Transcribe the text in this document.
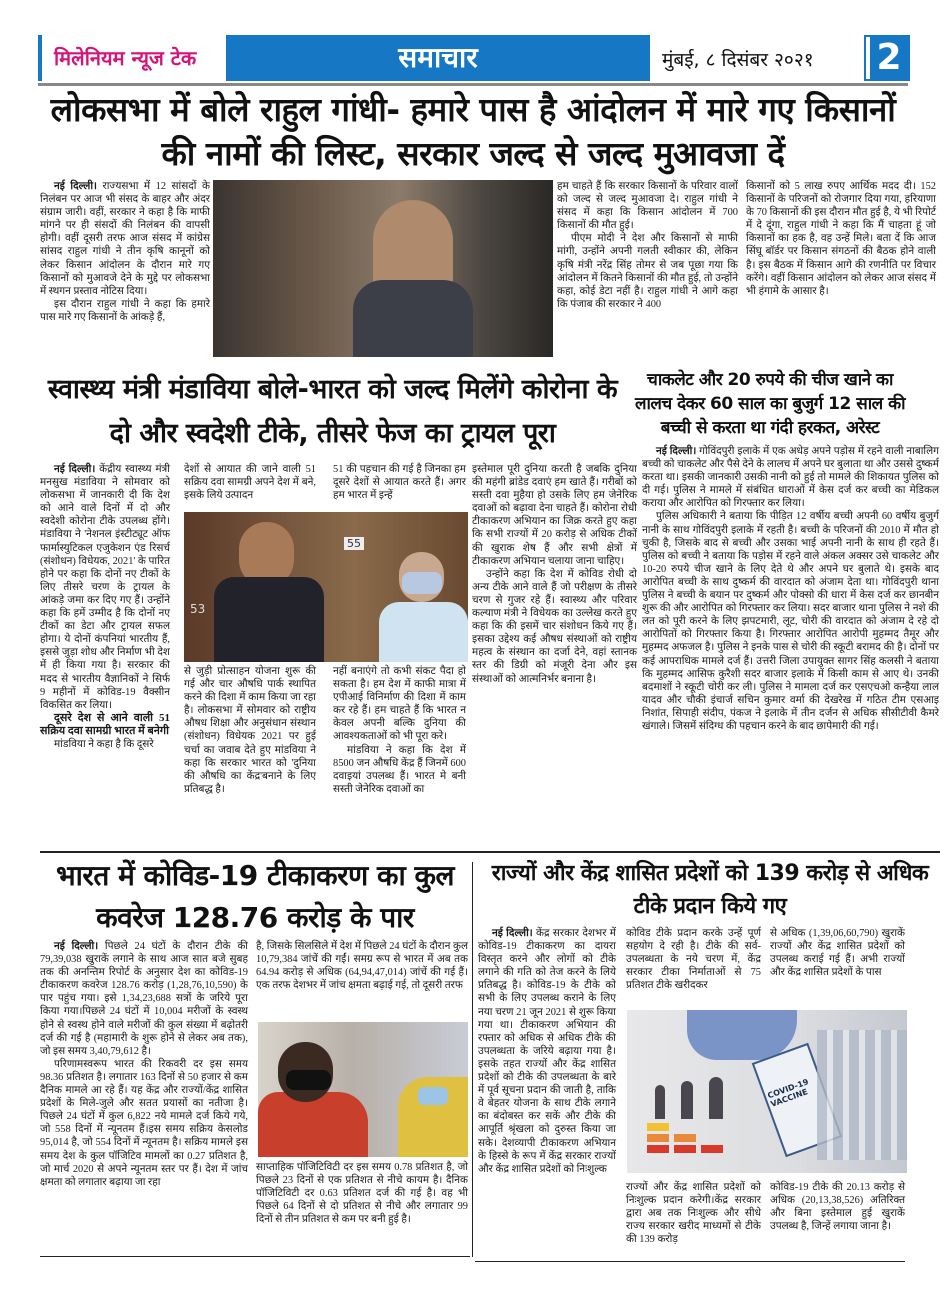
मिलेनियम न्यूज टेक	समाचार	मुंबई, ८ दिसंबर २०२१ 2
लोकसभा में बोले राहुल गांधी- हमारे पास है आंदोलन में मारे गए किसानों की नामों की लिस्ट, सरकार जल्द से जल्द मुआवजा दें

नई दिल्ली। राज्यसभा में 12 सांसदों के निलंबन पर आज भी संसद के बाहर और अंदर संग्राम जारी। वहीं, सरकार ने कहा है कि माफी मांगने पर ही संसदों की निलंबन की वापसी होगी। वहीं दूसरी तरफ आज संसद में कांग्रेस सांसद राहुल गांधी ने तीन कृषि कानूनों को लेकर किसान आंदोलन के दौरान मारे गए किसानों को मुआवजे देने के मुद्दे पर लोकसभा में स्थगन प्रस्ताव नोटिस दिया।

इस दौरान राहुल गांधी ने कहा कि हमारे पास मारे गए किसानों के आंकड़े हैं,

हम चाहते हैं कि सरकार किसानों के परिवार वालों को जल्द से जल्द मुआवजा दे। राहुल गांधी ने संसद में कहा कि किसान आंदोलन में 700 किसानों की मौत हुई।

पीएम मोदी ने देश और किसानों से माफी मांगी, उन्होंने अपनी गलती स्वीकार की, लेकिन कृषि मंत्री नरेंद्र सिंह तोमर से जब पूछा गया कि आंदोलन में कितने किसानों की मौत हुई, तो उन्होंने कहा, कोई डेटा नहीं है। राहुल गांधी ने आगे कहा कि पंजाब की सरकार ने 400

किसानों को 5 लाख रुपए आर्थिक मदद दी। 152 किसानों के परिजनों को रोजगार दिया गया, हरियाणा के 70 किसानों की इस दौरान मौत हुई है, ये भी रिपोर्ट में दे दूंगा, राहुल गांधी ने कहा कि मैं चाहता हूं जो किसानों का हक है, वह उन्हें मिले। बता दें कि आज सिंघू बॉर्डर पर किसान संगठनों की बैठक होने वाली है। इस बैठक में किसान आगे की रणनीति पर विचार करेंगे। वहीं किसान आंदोलन को लेकर आज संसद में भी हंगामे के आसार है।

स्वास्थ्य मंत्री मंडाविया बोले-भारत को जल्द मिलेंगे कोरोना के दो और स्वदेशी टीके, तीसरे फेज का ट्रायल पूरा

नई दिल्ली। केंद्रीय स्वास्थ्य मंत्री मनसुख मंडाविया ने सोमवार को लोकसभा में जानकारी दी कि देश को आने वाले दिनों में दो और स्वदेशी कोरोना टीके उपलब्ध होंगे। मंडाविया ने 'नेशनल इंस्टीट्यूट ऑफ फार्मास्युटिकल एजुकेशन एंड रिसर्च (संशोधन) विधेयक, 2021' के पारित होने पर कहा कि दोनों नए टीकों के लिए तीसरे चरण के ट्रायल के आंकड़े जमा कर दिए गए हैं। उन्होंने कहा कि हमें उम्मीद है कि दोनों नए टीकों का डेटा और ट्रायल सफल होगा। ये दोनों कंपनियां भारतीय हैं, इससे जुड़ा शोध और निर्माण भी देश में ही किया गया है। सरकार की मदद से भारतीय वैज्ञानिकों ने सिर्फ 9 महीनों में कोविड-19 वैक्सीन विकसित कर लिया।

दूसरे देश से आने वाली 51 सक्रिय दवा सामग्री भारत में बनेगी

मांडविया ने कहा है कि दूसरे

देशों से आयात की जाने वाली 51 सक्रिय दवा सामग्री अपने देश में बने, इसके लिये उत्पादन

51 की पहचान की गई है जिनका हम दूसरे देशों से आयात करते हैं। अगर हम भारत में इन्हें

53
55

से जुड़ी प्रोत्साहन योजना शुरू की गई और चार औषधि पार्क स्थापित करने की दिशा में काम किया जा रहा है। लोकसभा में सोमवार को राष्ट्रीय औषध शिक्षा और अनुसंधान संस्थान (संशोधन) विधेयक 2021 पर हुई चर्चा का जवाब देते हुए मांडविया ने कहा कि सरकार भारत को 'दुनिया की औषधि का केंद्र'बनाने के लिए प्रतिबद्ध है।

नहीं बनाएंगे तो कभी संकट पैदा हो सकता है। हम देश में काफी मात्रा में एपीआई विनिर्माण की दिशा में काम कर रहे हैं। हम चाहते हैं कि भारत न केवल अपनी बल्कि दुनिया की आवश्यकताओं को भी पूरा करे।

मांडविया ने कहा कि देश में 8500 जन औषधि केंद्र हैं जिनमें 600 दवाइयां उपलब्ध हैं। भारत मे बनी सस्ती जेनेरिक दवाओं का

इस्तेमाल पूरी दुनिया करती है जबकि दुनिया की महंगी ब्रांडेड दवाएं हम खाते हैं। गरीबों को सस्ती दवा मुहैया हो उसके लिए हम जेनेरिक दवाओं को बढ़ावा देना चाहते हैं। कोरोना रोधी टीकाकरण अभियान का जिक्र करते हुए कहा कि सभी राज्यों में 20 करोड़ से अधिक टीकों की खुराक शेष हैं और सभी क्षेत्रों में टीकाकरण अभियान चलाया जाना चाहिए।

उन्होंने कहा कि देश में कोविड रोधी दो अन्य टीके आने वाले हैं जो परीक्षण के तीसरे चरण से गुजर रहे हैं। स्वास्थ्य और परिवार कल्याण मंत्री ने विधेयक का उल्लेख करते हुए कहा कि की इसमें चार संशोधन किये गए हैं। इसका उद्देश्य कई औषध संस्थाओं को राष्ट्रीय महत्व के संस्थान का दर्जा देने, वहां स्तानक स्तर की डिग्री को मंजूरी देना और इस संस्थाओं को आत्मनिर्भर बनाना है।

चाकलेट और 20 रुपये की चीज खाने का लालच देकर 60 साल का बुजुर्ग 12 साल की बच्ची से करता था गंदी हरकत, अरेस्ट

नई दिल्ली। गोविंदपुरी इलाके में एक अधेड़ अपने पड़ोस में रहने वाली नाबालिग बच्ची को चाकलेट और पैसे देने के लालच में अपने घर बुलाता था और उससे दुष्कर्म करता था। इसकी जानकारी उसकी नानी को हुई तो मामले की शिकायत पुलिस को दी गई। पुलिस ने मामले में संबंधित धाराओं में केस दर्ज कर बच्ची का मेडिकल कराया और आरोपित को गिरफ्तार कर लिया।

पुलिस अधिकारी ने बताया कि पीड़ित 12 वर्षीय बच्ची अपनी 60 वर्षीय बुजुर्ग नानी के साथ गोविंदपुरी इलाके में रहती है। बच्ची के परिजनों की 2010 में मौत हो चुकी है, जिसके बाद से बच्ची और उसका भाई अपनी नानी के साथ ही रहते हैं। पुलिस को बच्ची ने बताया कि पड़ोस में रहने वाले अंकल अक्सर उसे चाकलेट और 10-20 रुपये चीज खाने के लिए देते थे और अपने घर बुलाते थे। इसके बाद आरोपित बच्ची के साथ दुष्कर्म की वारदात को अंजाम देता था। गोविंदपुरी थाना पुलिस ने बच्ची के बयान पर दुष्कर्म और पोक्सो की धारा में केस दर्ज कर छानबीन शुरू की और आरोपित को गिरफ्तार कर लिया। सदर बाजार थाना पुलिस ने नशे की लत को पूरी करने के लिए झपटमारी, लूट, चोरी की वारदात को अंजाम दे रहे दो आरोपितों को गिरफ्तार किया है। गिरफ्तार आरोपित आरोपी मुहम्मद तैमूर और मुहम्मद अफजल है। पुलिस ने इनके पास से चोरी की स्कूटी बरामद की है। दोनों पर कई आपराधिक मामले दर्ज हैं। उत्तरी जिला उपायुक्त सागर सिंह कलसी ने बताया कि मुहम्मद आसिफ कुरैशी सदर बाजार इलाके में किसी काम से आए थे। उनकी बदमाशों ने स्कूटी चोरी कर ली। पुलिस ने मामला दर्ज कर एसएचओ कन्हैया लाल यादव और चौकी इंचार्ज सचिन कुमार वर्मा की देखरेख में गठित टीम एसआइ निशांत, सिपाही संदीप, पंकज ने इलाके में तीन दर्जन से अधिक सीसीटीवी कैमरे खंगाले। जिसमें संदिग्ध की पहचान करने के बाद छापेमारी की गई।

भारत में कोविड-19 टीकाकरण का कुल कवरेज 128.76 करोड़ के पार

नई दिल्ली। पिछले 24 घंटों के दौरान टीके की 79,39,038 खुराकें लगाने के साथ आज सात बजे सुबह तक की अनन्तिम रिपोर्ट के अनुसार देश का कोविड-19 टीकाकरण कवरेज 128.76 करोड़ (1,28,76,10,590) के पार पहुंच गया। इसे 1,34,23,688 सत्रों के जरिये पूरा किया गया।पिछले 24 घंटों में 10,004 मरीजों के स्वस्थ होने से स्वस्थ होने वाले मरीजों की कुल संख्या में बढ़ोतरी दर्ज की गई है (महामारी के शुरू होने से लेकर अब तक), जो इस समय 3,40,79,612 है।

परिणामस्वरूप भारत की रिकवरी दर इस समय 98.36 प्रतिशत है। लगातार 163 दिनों से 50 हजार से कम दैनिक मामले आ रहे हैं। यह केंद्र और राज्यों/केंद्र शासित प्रदेशों के मिले-जुले और सतत प्रयासों का नतीजा है। पिछले 24 घंटों में कुल 6,822 नये मामले दर्ज किये गये, जो 558 दिनों में न्यूनतम हैं।इस समय सक्रिय केसलोड 95,014 है, जो 554 दिनों में न्यूनतम है। सक्रिय मामले इस समय देश के कुल पॉजिटिव मामलों का 0.27 प्रतिशत है, जो मार्च 2020 से अपने न्यूनतम स्तर पर हैं। देश में जांच क्षमता को लगातार बढ़ाया जा रहा

है, जिसके सिलसिले में देश में पिछले 24 घंटों के दौरान कुल 10,79,384 जांचें की गईं। समग्र रूप से भारत में अब तक 64.94 करोड़ से अधिक (64,94,47,014) जांचें की गई हैं। एक तरफ देशभर में जांच क्षमता बढ़ाई गई, तो दूसरी तरफ

साप्ताहिक पॉजिटिविटी दर इस समय 0.78 प्रतिशत है, जो पिछले 23 दिनों से एक प्रतिशत से नीचे कायम है। दैनिक पॉजिटिविटी दर 0.63 प्रतिशत दर्ज की गई है। वह भी पिछले 64 दिनों से दो प्रतिशत से नीचे और लगातार 99 दिनों से तीन प्रतिशत से कम पर बनी हुई है।

राज्यों और केंद्र शासित प्रदेशों को 139 करोड़ से अधिक टीके प्रदान किये गए

नई दिल्ली। केंद्र सरकार देशभर में कोविड-19 टीकाकरण का दायरा विस्तृत करने और लोगों को टीके लगाने की गति को तेज करने के लिये प्रतिबद्ध है। कोविड-19 के टीके को सभी के लिए उपलब्ध कराने के लिए नया चरण 21 जून 2021 से शुरू किया गया था। टीकाकरण अभियान की रफ्तार को अधिक से अधिक टीके की उपलब्धता के जरिये बढ़ाया गया है। इसके तहत राज्यों और केंद्र शासित प्रदेशों को टीके की उपलब्धता के बारे में पूर्व सूचना प्रदान की जाती है, ताकि वे बेहतर योजना के साथ टीके लगाने का बंदोबस्त कर सकें और टीके की आपूर्ति श्रृंखला को दुरुस्त किया जा सके। देशव्यापी टीकाकरण अभियान के हिस्से के रूप में केंद्र सरकार राज्यों और केंद्र शासित प्रदेशों को निःशुल्क

कोविड टीके प्रदान करके उन्हें पूर्ण सहयोग दे रही है। टीके की सर्व-उपलब्धता के नये चरण में, केंद्र सरकार टीका निर्माताओं से 75 प्रतिशत टीके खरीदकर

से अधिक (1,39,06,60,790) खुराकें राज्यों और केंद्र शासित प्रदेशों को उपलब्ध कराई गई हैं। अभी राज्यों और केंद्र शासित प्रदेशों के पास

COVID-19 VACCINE

राज्यों और केंद्र शासित प्रदेशों को निःशुल्क प्रदान करेगी।केंद्र सरकार द्वारा अब तक निःशुल्क और सीधे राज्य सरकार खरीद माध्यमों से टीके की 139 करोड़

कोविड-19 टीके की 20.13 करोड़ से अधिक (20,13,38,526) अतिरिक्त और बिना इस्तेमाल हुई खुराकें उपलब्ध है, जिन्हें लगाया जाना है।
